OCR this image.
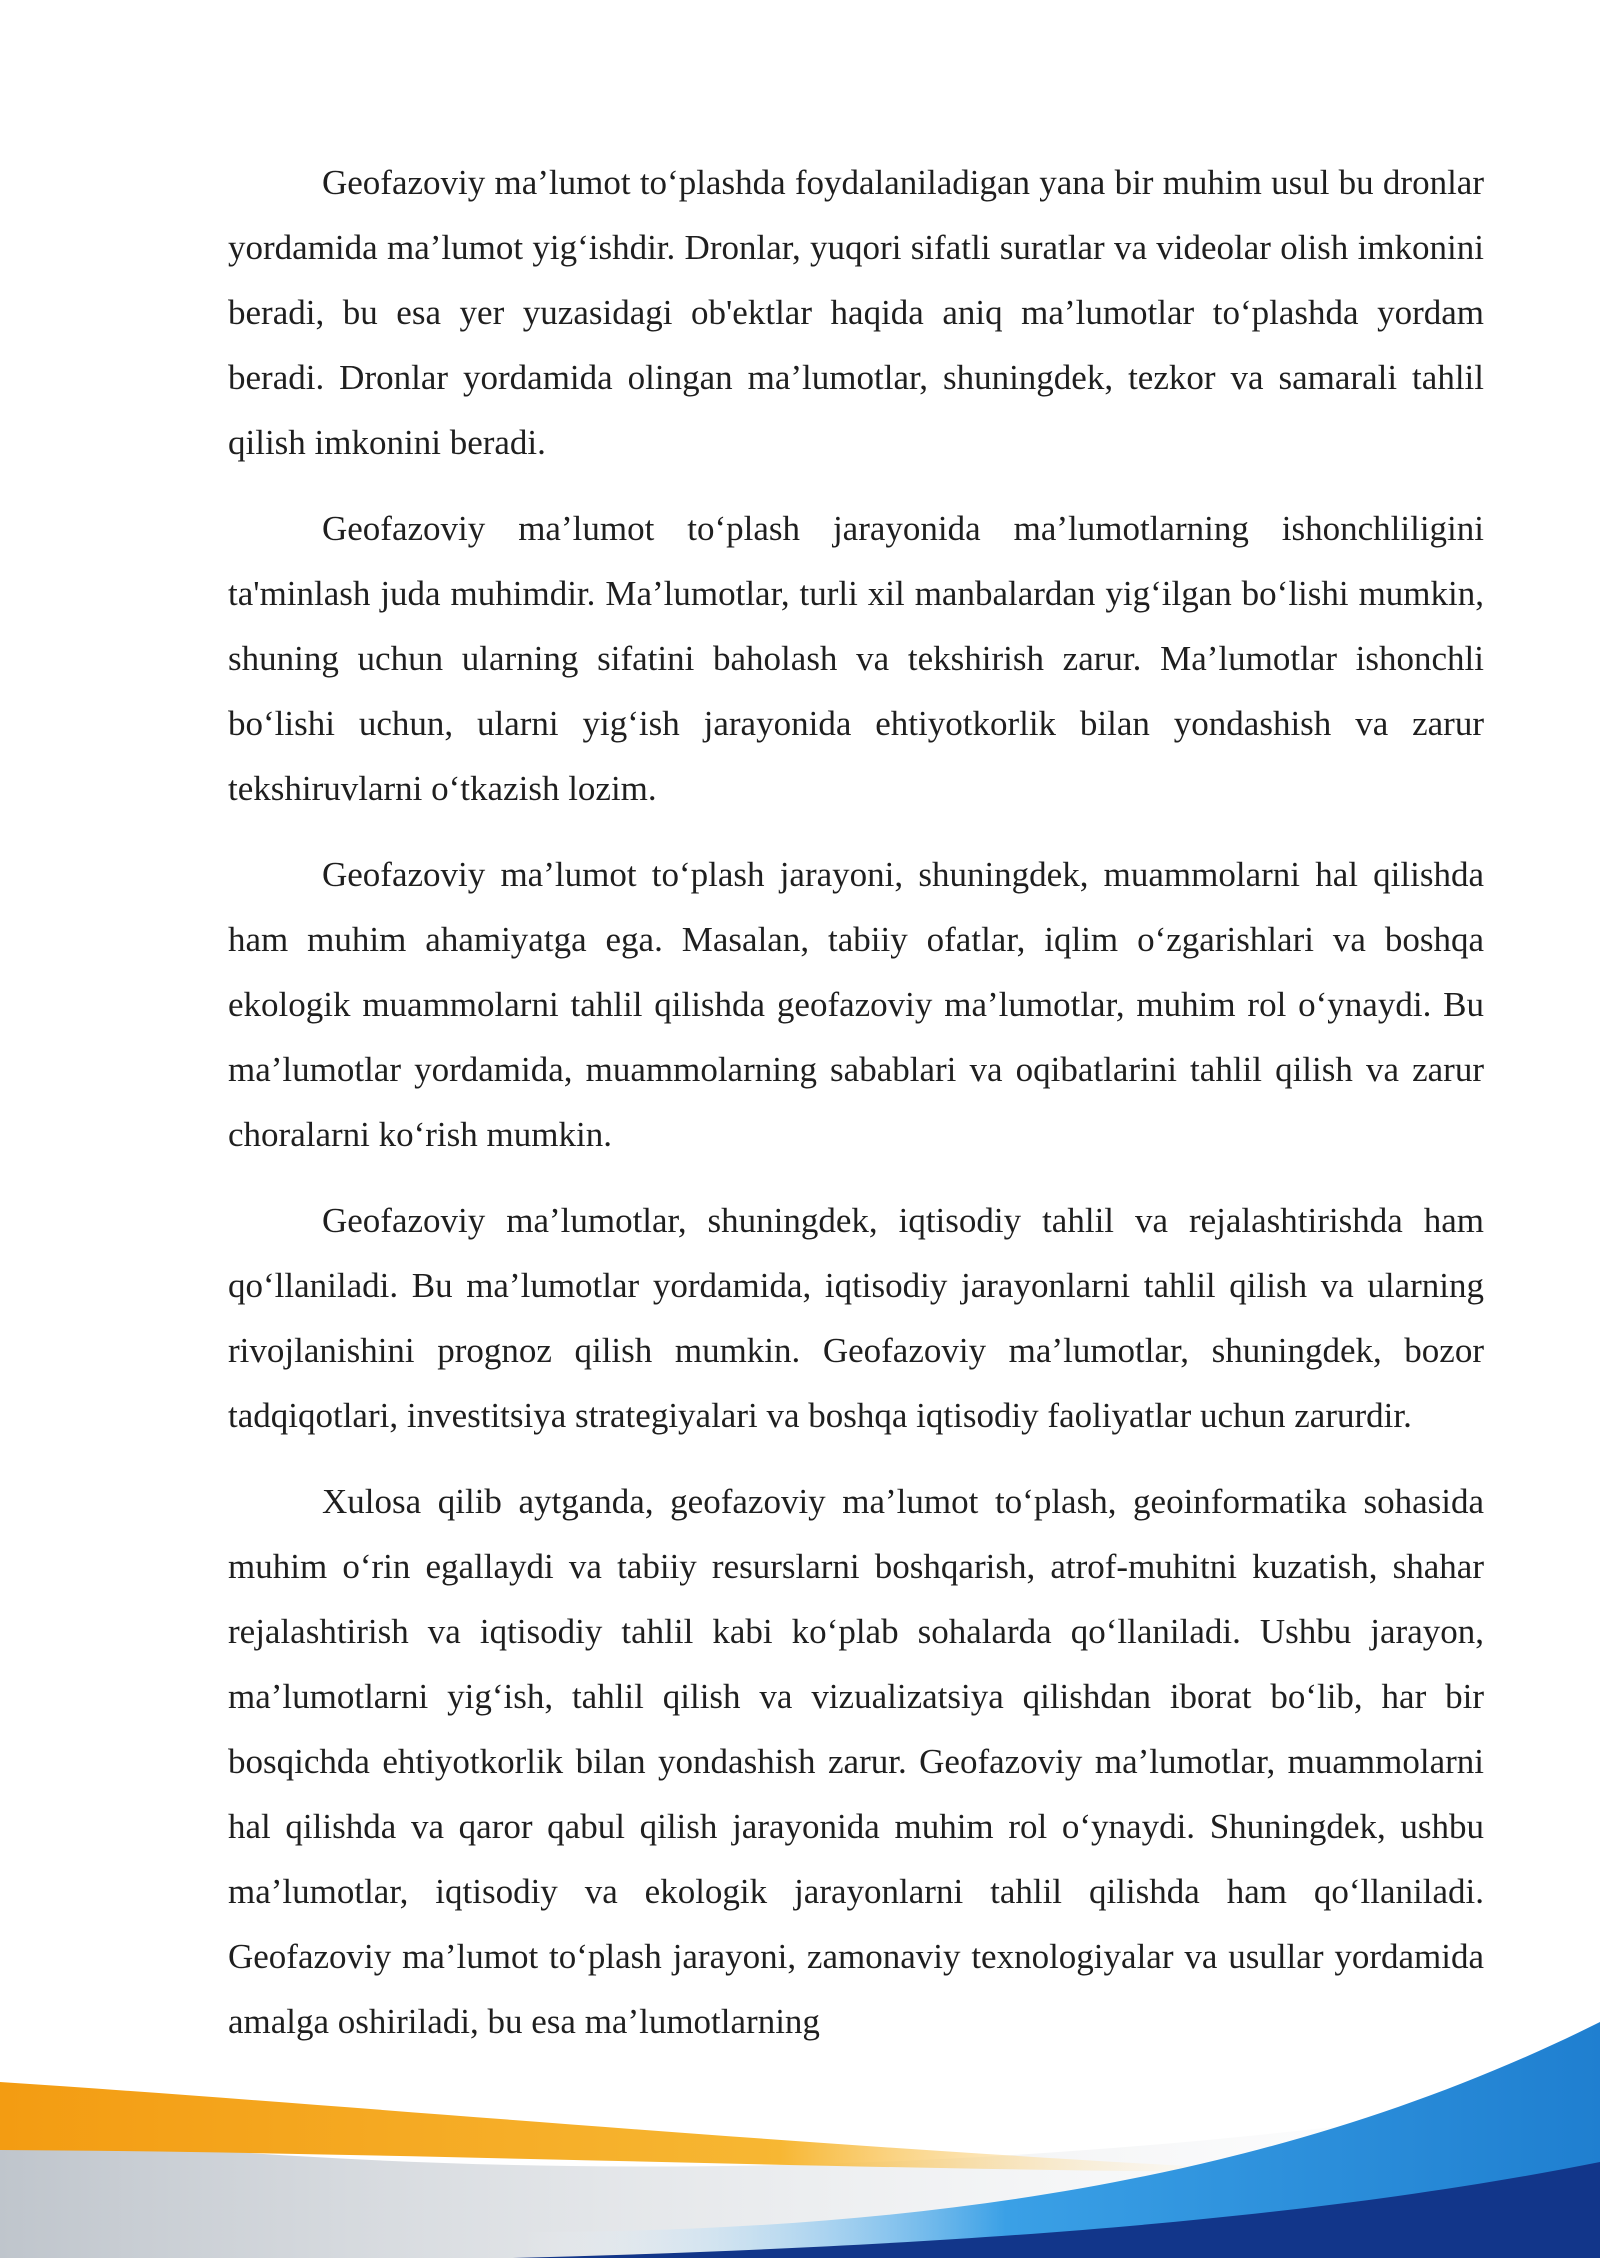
Geofazoviy ma’lumot to‘plashda foydalaniladigan yana bir muhim usul bu dronlar yordamida ma’lumot yig‘ishdir. Dronlar, yuqori sifatli suratlar va videolar olish imkonini beradi, bu esa yer yuzasidagi ob'ektlar haqida aniq ma’lumotlar to‘plashda yordam beradi. Dronlar yordamida olingan ma’lumotlar, shuningdek, tezkor va samarali tahlil qilish imkonini beradi.

Geofazoviy ma’lumot to‘plash jarayonida ma’lumotlarning ishonchliligini ta'minlash juda muhimdir. Ma’lumotlar, turli xil manbalardan yig‘ilgan bo‘lishi mumkin, shuning uchun ularning sifatini baholash va tekshirish zarur. Ma’lumotlar ishonchli bo‘lishi uchun, ularni yig‘ish jarayonida ehtiyotkorlik bilan yondashish va zarur tekshiruvlarni o‘tkazish lozim.

Geofazoviy ma’lumot to‘plash jarayoni, shuningdek, muammolarni hal qilishda ham muhim ahamiyatga ega. Masalan, tabiiy ofatlar, iqlim o‘zgarishlari va boshqa ekologik muammolarni tahlil qilishda geofazoviy ma’lumotlar, muhim rol o‘ynaydi. Bu ma’lumotlar yordamida, muammolarning sabablari va oqibatlarini tahlil qilish va zarur choralarni ko‘rish mumkin.

Geofazoviy ma’lumotlar, shuningdek, iqtisodiy tahlil va rejalashtirishda ham qo‘llaniladi. Bu ma’lumotlar yordamida, iqtisodiy jarayonlarni tahlil qilish va ularning rivojlanishini prognoz qilish mumkin. Geofazoviy ma’lumotlar, shuningdek, bozor tadqiqotlari, investitsiya strategiyalari va boshqa iqtisodiy faoliyatlar uchun zarurdir.

Xulosa qilib aytganda, geofazoviy ma’lumot to‘plash, geoinformatika sohasida muhim o‘rin egallaydi va tabiiy resurslarni boshqarish, atrof-muhitni kuzatish, shahar rejalashtirish va iqtisodiy tahlil kabi ko‘plab sohalarda qo‘llaniladi. Ushbu jarayon, ma’lumotlarni yig‘ish, tahlil qilish va vizualizatsiya qilishdan iborat bo‘lib, har bir bosqichda ehtiyotkorlik bilan yondashish zarur. Geofazoviy ma’lumotlar, muammolarni hal qilishda va qaror qabul qilish jarayonida muhim rol o‘ynaydi. Shuningdek, ushbu ma’lumotlar, iqtisodiy va ekologik jarayonlarni tahlil qilishda ham qo‘llaniladi. Geofazoviy ma’lumot to‘plash jarayoni, zamonaviy texnologiyalar va usullar yordamida amalga oshiriladi, bu esa ma’lumotlarning
